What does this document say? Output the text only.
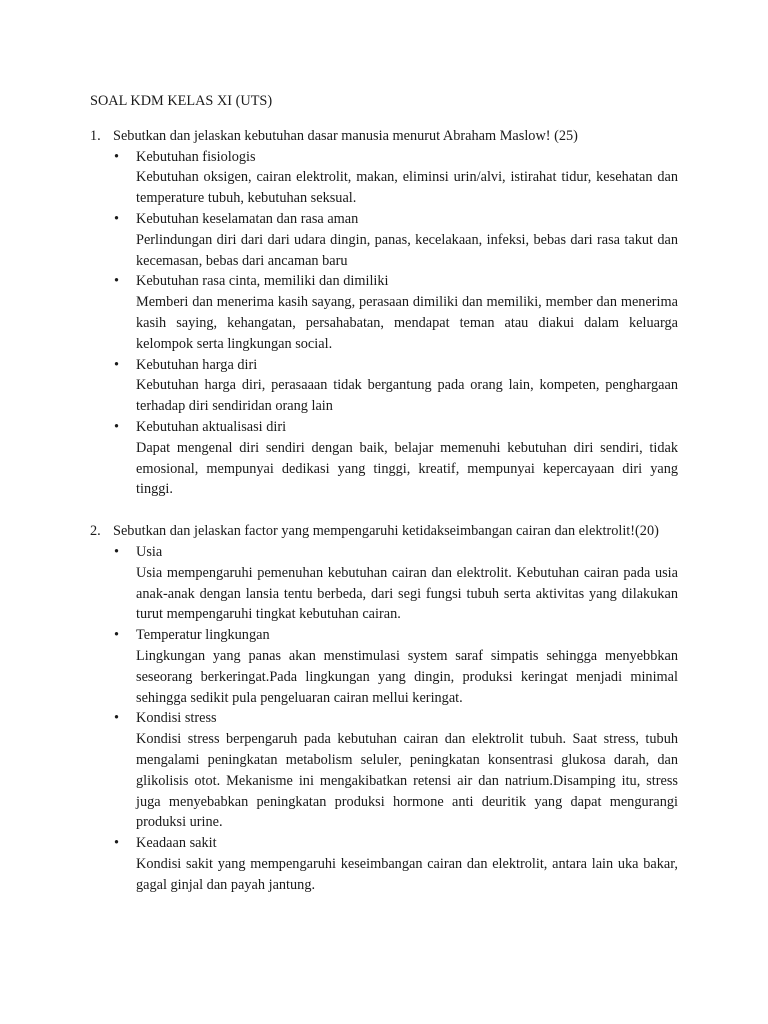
SOAL KDM KELAS XI (UTS)

1. Sebutkan dan jelaskan kebutuhan dasar manusia menurut Abraham Maslow! (25)

• Kebutuhan fisiologis

Kebutuhan oksigen, cairan elektrolit, makan, eliminsi urin/alvi, istirahat tidur, kesehatan dan temperature tubuh, kebutuhan seksual.

• Kebutuhan keselamatan dan rasa aman

Perlindungan diri dari dari udara dingin, panas, kecelakaan, infeksi, bebas dari rasa takut dan kecemasan, bebas dari ancaman baru

• Kebutuhan rasa cinta, memiliki dan dimiliki

Memberi dan menerima kasih sayang, perasaan dimiliki dan memiliki, member dan menerima kasih saying, kehangatan, persahabatan, mendapat teman atau diakui dalam keluarga kelompok serta lingkungan social.

• Kebutuhan harga diri

Kebutuhan harga diri, perasaaan tidak bergantung pada orang lain, kompeten, penghargaan terhadap diri sendiridan orang lain

• Kebutuhan aktualisasi diri

Dapat mengenal diri sendiri dengan baik, belajar memenuhi kebutuhan diri sendiri, tidak emosional, mempunyai dedikasi yang tinggi, kreatif, mempunyai kepercayaan diri yang tinggi.

2. Sebutkan dan jelaskan factor yang mempengaruhi ketidakseimbangan cairan dan elektrolit!(20)

• Usia

Usia mempengaruhi pemenuhan kebutuhan cairan dan elektrolit. Kebutuhan cairan pada usia anak-anak dengan lansia tentu berbeda, dari segi fungsi tubuh serta aktivitas yang dilakukan turut mempengaruhi tingkat kebutuhan cairan.

• Temperatur lingkungan

Lingkungan yang panas akan menstimulasi system saraf simpatis sehingga menyebbkan seseorang berkeringat.Pada lingkungan yang dingin, produksi keringat menjadi minimal sehingga sedikit pula pengeluaran cairan mellui keringat.

• Kondisi stress

Kondisi stress berpengaruh pada kebutuhan cairan dan elektrolit tubuh. Saat stress, tubuh mengalami peningkatan metabolism seluler, peningkatan konsentrasi glukosa darah, dan glikolisis otot. Mekanisme ini mengakibatkan retensi air dan natrium.Disamping itu, stress juga menyebabkan peningkatan produksi hormone anti deuritik yang dapat mengurangi produksi urine.

• Keadaan sakit

Kondisi sakit yang mempengaruhi keseimbangan cairan dan elektrolit, antara lain uka bakar, gagal ginjal dan payah jantung.
